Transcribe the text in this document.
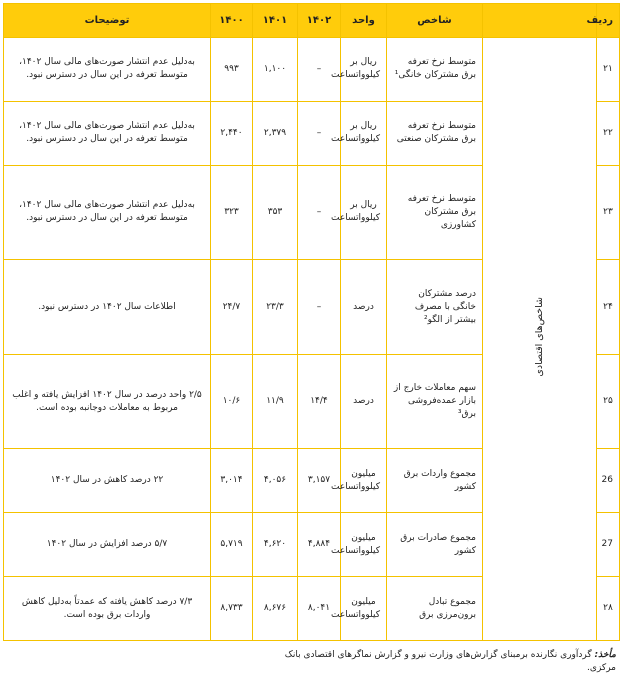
ردیف		شاخص	واحد	۱۴۰۲	۱۴۰۱	۱۴۰۰	توضیحات
۲۱	شاخص‌های اقتصادی	متوسط نرخ تعرفه برق مشترکان خانگی¹	ریال بر کیلوواتساعت	–	۱,۱۰۰	۹۹۳	به‌دلیل عدم انتشار صورت‌های مالی سال ۱۴۰۲، متوسط تعرفه در این سال در دسترس نبود.
۲۲		متوسط نرخ تعرفه برق مشترکان صنعتی	ریال بر کیلوواتساعت	–	۲,۳۷۹	۲,۴۴۰	به‌دلیل عدم انتشار صورت‌های مالی سال ۱۴۰۲، متوسط تعرفه در این سال در دسترس نبود.
۲۳		متوسط نرخ تعرفه برق مشترکان کشاورزی	ریال بر کیلوواتساعت	–	۳۵۳	۳۲۳	به‌دلیل عدم انتشار صورت‌های مالی سال ۱۴۰۲، متوسط تعرفه در این سال در دسترس نبود.
۲۴		درصد مشترکان خانگی با مصرف بیشتر از الگو²	درصد	–	۲۳/۳	۲۴/۷	اطلاعات سال ۱۴۰۲ در دسترس نبود.
۲۵		سهم معاملات خارج از بازار عمده‌فروشی برق³	درصد	۱۴/۴	۱۱/۹	۱۰/۶	۲/۵ واحد درصد در سال ۱۴۰۲ افزایش یافته و اغلب مربوط به معاملات دوجانبه بوده است.
26		مجموع واردات برق کشور	میلیون کیلوواتساعت	۳,۱۵۷	۴,۰۵۶	۳,۰۱۴	۲۲ درصد کاهش در سال ۱۴۰۲
27		مجموع صادرات برق کشور	میلیون کیلوواتساعت	۴,۸۸۴	۴,۶۲۰	۵,۷۱۹	۵/۷ درصد افزایش در سال ۱۴۰۲
۲۸		مجموع تبادل برون‌مرزی برق	میلیون کیلوواتساعت	۸,۰۴۱	۸,۶۷۶	۸,۷۳۳	۷/۳ درصد کاهش یافته که عمدتاً به‌دلیل کاهش واردات برق بوده است.
مأخذ: گردآوری نگارنده برمبنای گزارش‌های وزارت نیرو و گزارش نماگرهای اقتصادی بانک مرکزی.
